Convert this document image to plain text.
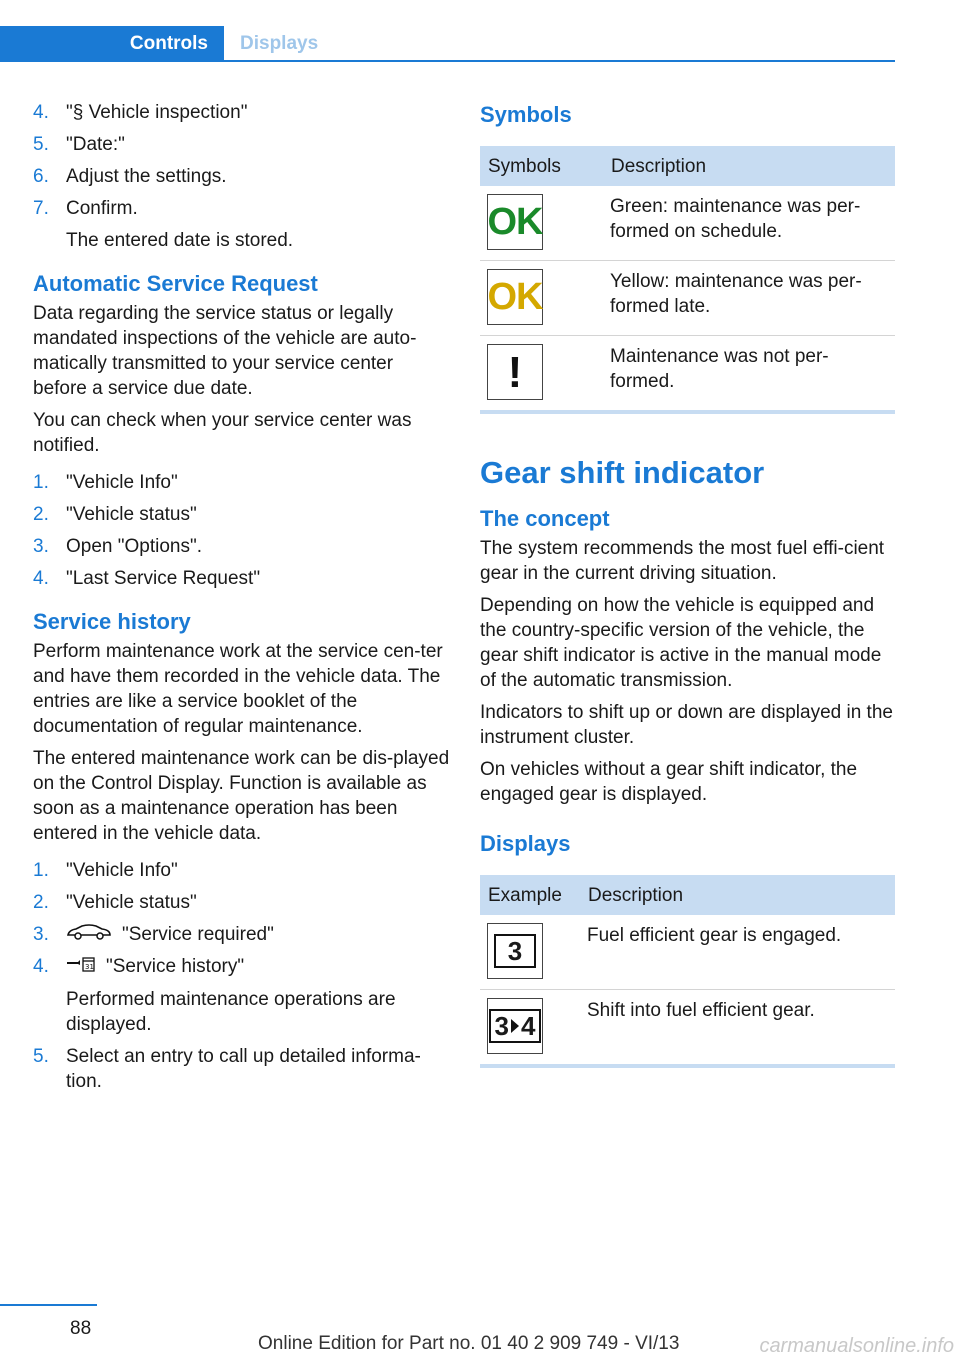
Controls	Displays
4. "§ Vehicle inspection"
5. "Date:"
6. Adjust the settings.
7. Confirm.
The entered date is stored.
Automatic Service Request

Data regarding the service status or legally mandated inspections of the vehicle are auto‐matically transmitted to your service center before a service due date.

You can check when your service center was notified.

1. "Vehicle Info"
2. "Vehicle status"
3. Open "Options".
4. "Last Service Request"
Service history

Perform maintenance work at the service cen‐ter and have them recorded in the vehicle data. The entries are like a service booklet of the documentation of regular maintenance.

The entered maintenance work can be dis‐played on the Control Display. Function is available as soon as a maintenance operation has been entered in the vehicle data.

1. "Vehicle Info"
2. "Vehicle status"
3.	"Service required"
4.	31 "Service history"
Performed maintenance operations are displayed.
5. Select an entry to call up detailed informa‐tion.
Symbols
Symbols	Description

OK	Green: maintenance was per‐formed on schedule.

OK	Yellow: maintenance was per‐formed late.

!	Maintenance was not per‐formed.
Gear shift indicator
The concept

The system recommends the most fuel effi‐cient gear in the current driving situation.

Depending on how the vehicle is equipped and the country-specific version of the vehicle, the gear shift indicator is active in the manual mode of the automatic transmission.

Indicators to shift up or down are displayed in the instrument cluster.

On vehicles without a gear shift indicator, the engaged gear is displayed.

Displays
Example	Description

3	Fuel efficient gear is engaged.

3 4	Shift into fuel efficient gear.
88
Online Edition for Part no. 01 40 2 909 749 - VI/13	carmanualsonline.info
